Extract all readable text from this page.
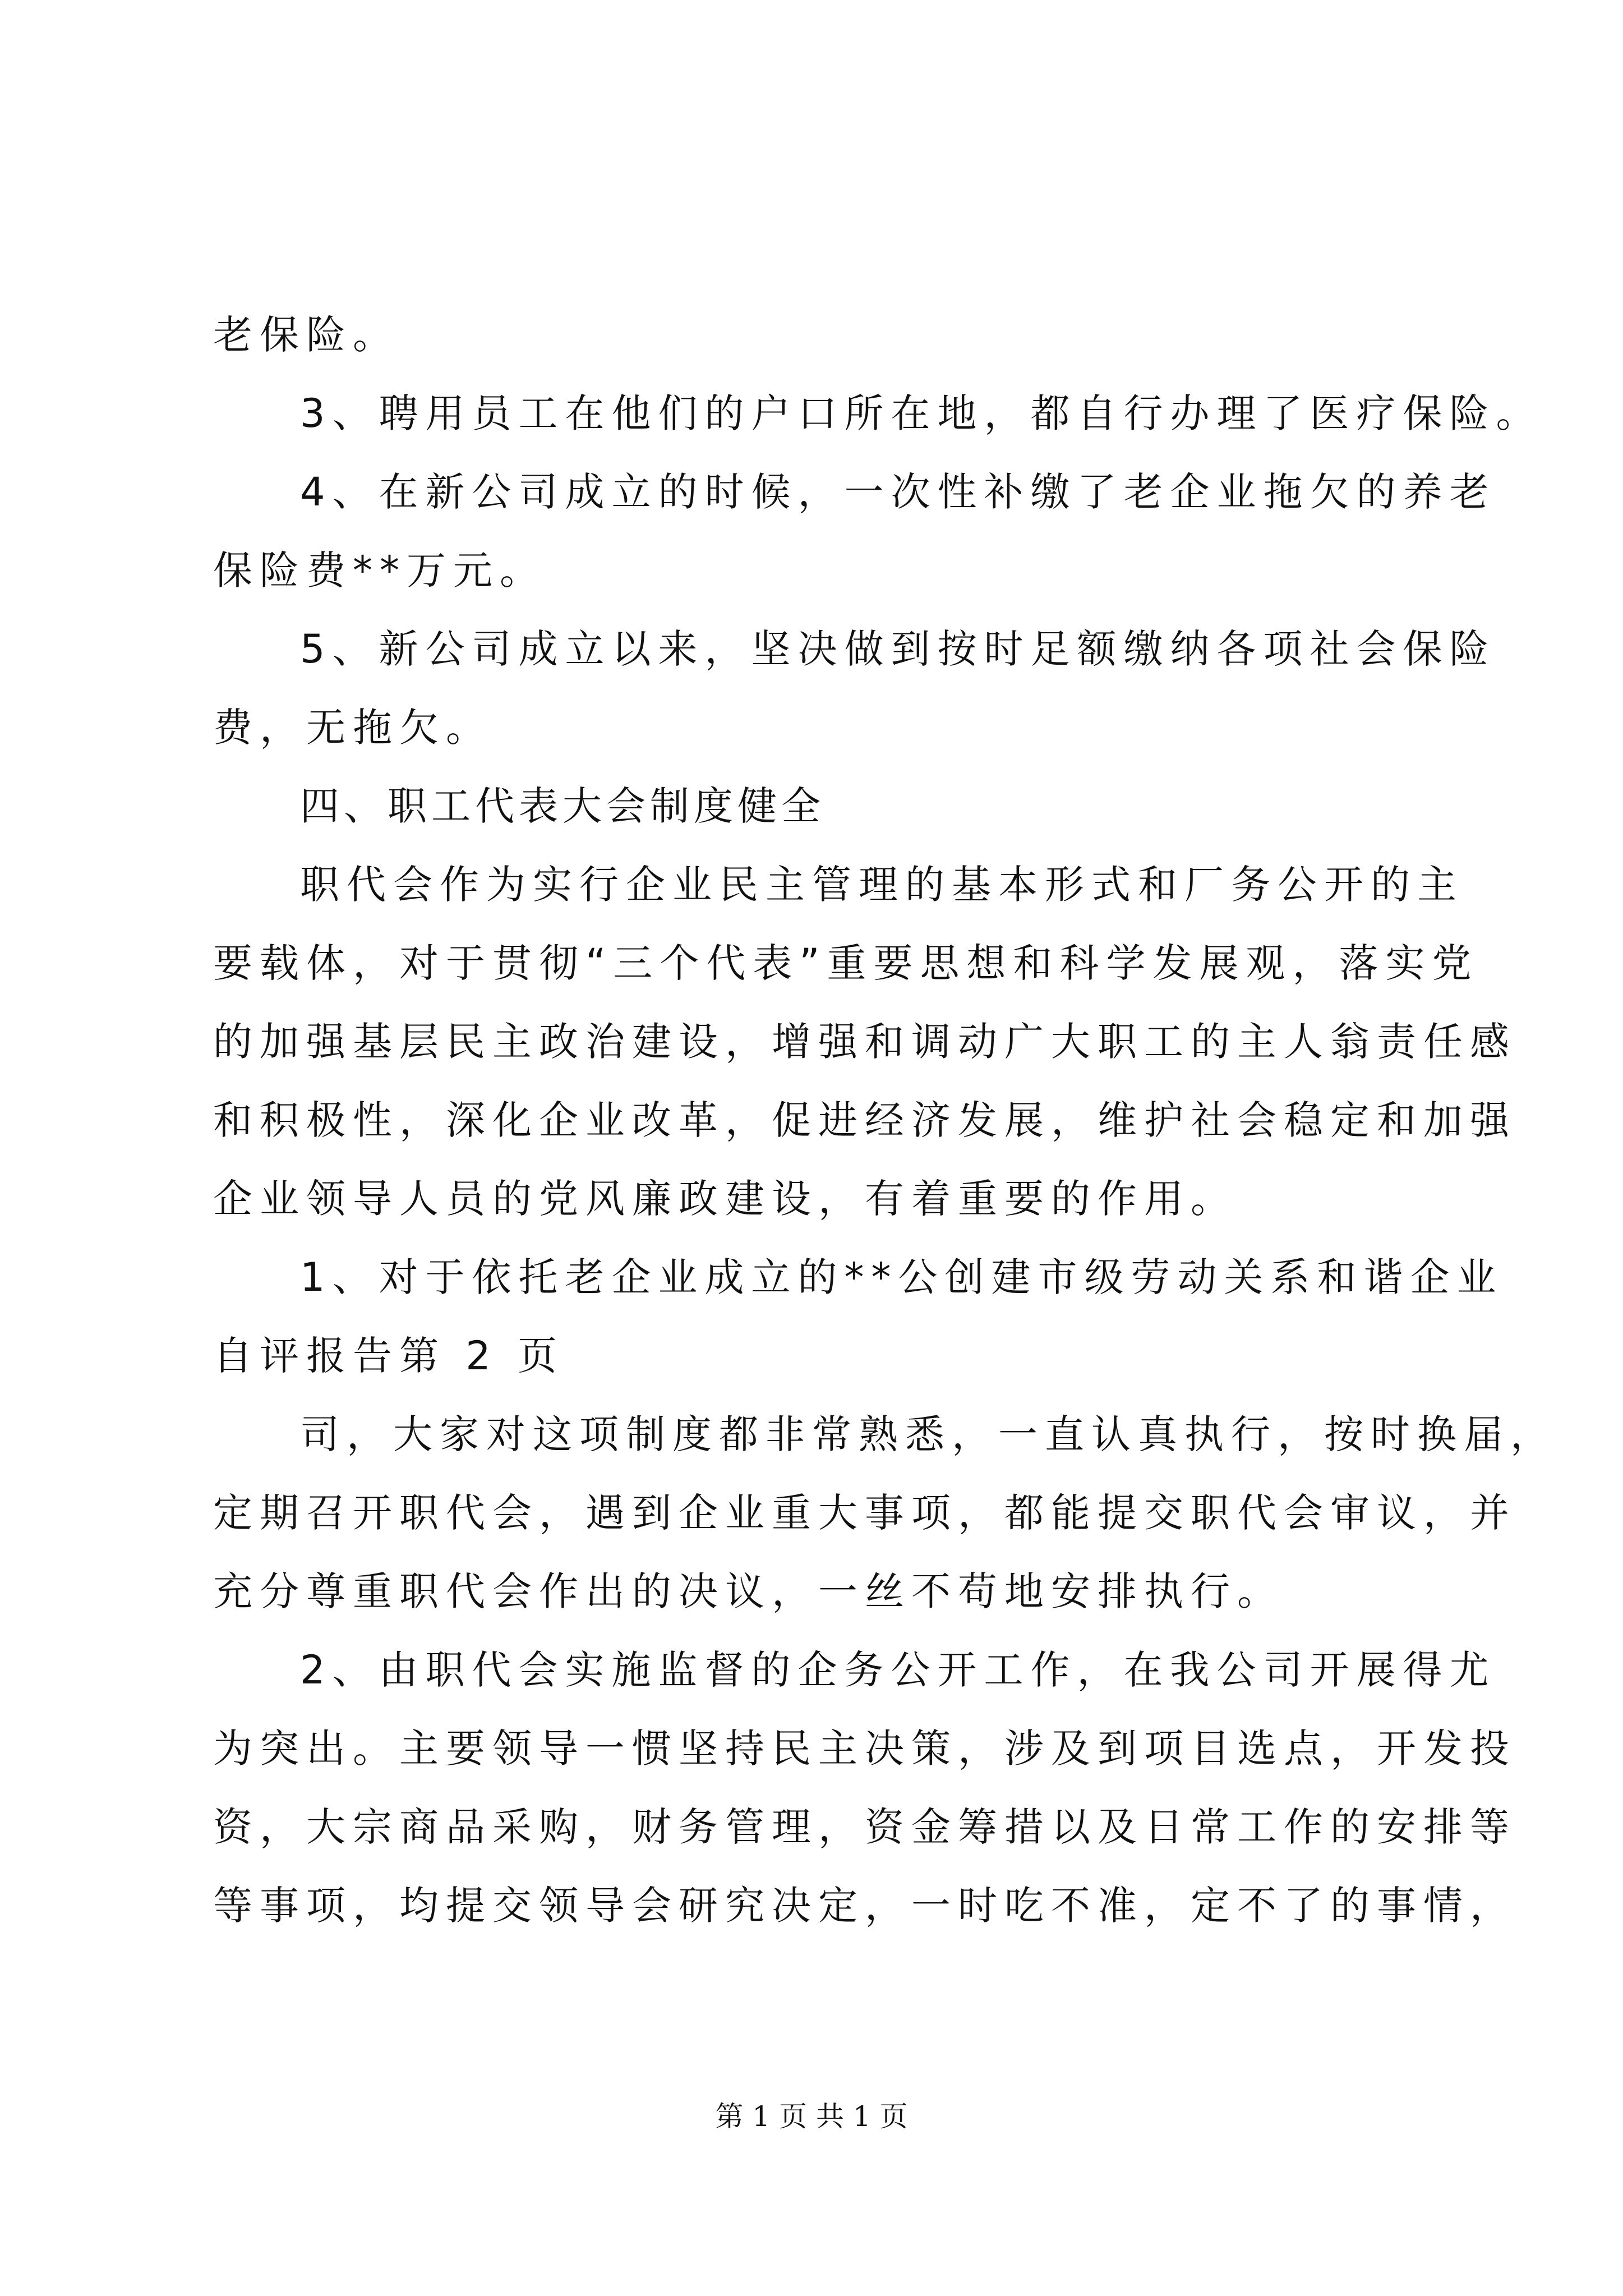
老保险。
3、聘用员工在他们的户口所在地，都自行办理了医疗保险。
4、在新公司成立的时候，一次性补缴了老企业拖欠的养老
保险费**万元。
5、新公司成立以来，坚决做到按时足额缴纳各项社会保险
费，无拖欠。
四、职工代表大会制度健全
职代会作为实行企业民主管理的基本形式和厂务公开的主
要载体，对于贯彻“三个代表”重要思想和科学发展观，落实党
的加强基层民主政治建设，增强和调动广大职工的主人翁责任感
和积极性，深化企业改革，促进经济发展，维护社会稳定和加强
企业领导人员的党风廉政建设，有着重要的作用。
1、对于依托老企业成立的**公创建市级劳动关系和谐企业
自评报告第 2 页
司，大家对这项制度都非常熟悉，一直认真执行，按时换届，
定期召开职代会，遇到企业重大事项，都能提交职代会审议，并
充分尊重职代会作出的决议，一丝不苟地安排执行。
2、由职代会实施监督的企务公开工作，在我公司开展得尤
为突出。主要领导一惯坚持民主决策，涉及到项目选点，开发投
资，大宗商品采购，财务管理，资金筹措以及日常工作的安排等
等事项，均提交领导会研究决定，一时吃不准，定不了的事情，
第 1 页 共 1 页
